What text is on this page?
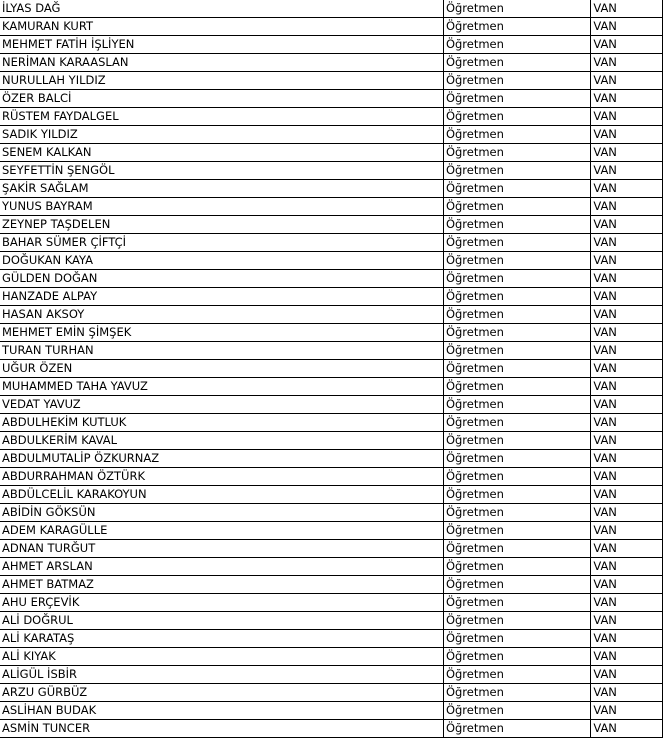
İLYAS DAĞ	Öğretmen	VAN
KAMURAN KURT	Öğretmen	VAN
MEHMET FATİH İŞLİYEN	Öğretmen	VAN
NERİMAN KARAASLAN	Öğretmen	VAN
NURULLAH YILDIZ	Öğretmen	VAN
ÖZER BALCİ	Öğretmen	VAN
RÜSTEM FAYDALGEL	Öğretmen	VAN
SADIK YILDIZ	Öğretmen	VAN
SENEM KALKAN	Öğretmen	VAN
SEYFETTİN ŞENGÖL	Öğretmen	VAN
ŞAKİR SAĞLAM	Öğretmen	VAN
YUNUS BAYRAM	Öğretmen	VAN
ZEYNEP TAŞDELEN	Öğretmen	VAN
BAHAR SÜMER ÇİFTÇİ	Öğretmen	VAN
DOĞUKAN KAYA	Öğretmen	VAN
GÜLDEN DOĞAN	Öğretmen	VAN
HANZADE ALPAY	Öğretmen	VAN
HASAN AKSOY	Öğretmen	VAN
MEHMET EMİN ŞİMŞEK	Öğretmen	VAN
TURAN TURHAN	Öğretmen	VAN
UĞUR ÖZEN	Öğretmen	VAN
MUHAMMED TAHA YAVUZ	Öğretmen	VAN
VEDAT YAVUZ	Öğretmen	VAN
ABDULHEKİM KUTLUK	Öğretmen	VAN
ABDULKERİM KAVAL	Öğretmen	VAN
ABDULMUTALİP ÖZKURNAZ	Öğretmen	VAN
ABDURRAHMAN ÖZTÜRK	Öğretmen	VAN
ABDÜLCELİL KARAKOYUN	Öğretmen	VAN
ABİDİN GÖKSÜN	Öğretmen	VAN
ADEM KARAGÜLLE	Öğretmen	VAN
ADNAN TURĞUT	Öğretmen	VAN
AHMET ARSLAN	Öğretmen	VAN
AHMET BATMAZ	Öğretmen	VAN
AHU ERÇEVİK	Öğretmen	VAN
ALİ DOĞRUL	Öğretmen	VAN
ALİ KARATAŞ	Öğretmen	VAN
ALİ KIYAK	Öğretmen	VAN
ALİGÜL İSBİR	Öğretmen	VAN
ARZU GÜRBÜZ	Öğretmen	VAN
ASLİHAN BUDAK	Öğretmen	VAN
ASMİN TUNCER	Öğretmen	VAN
